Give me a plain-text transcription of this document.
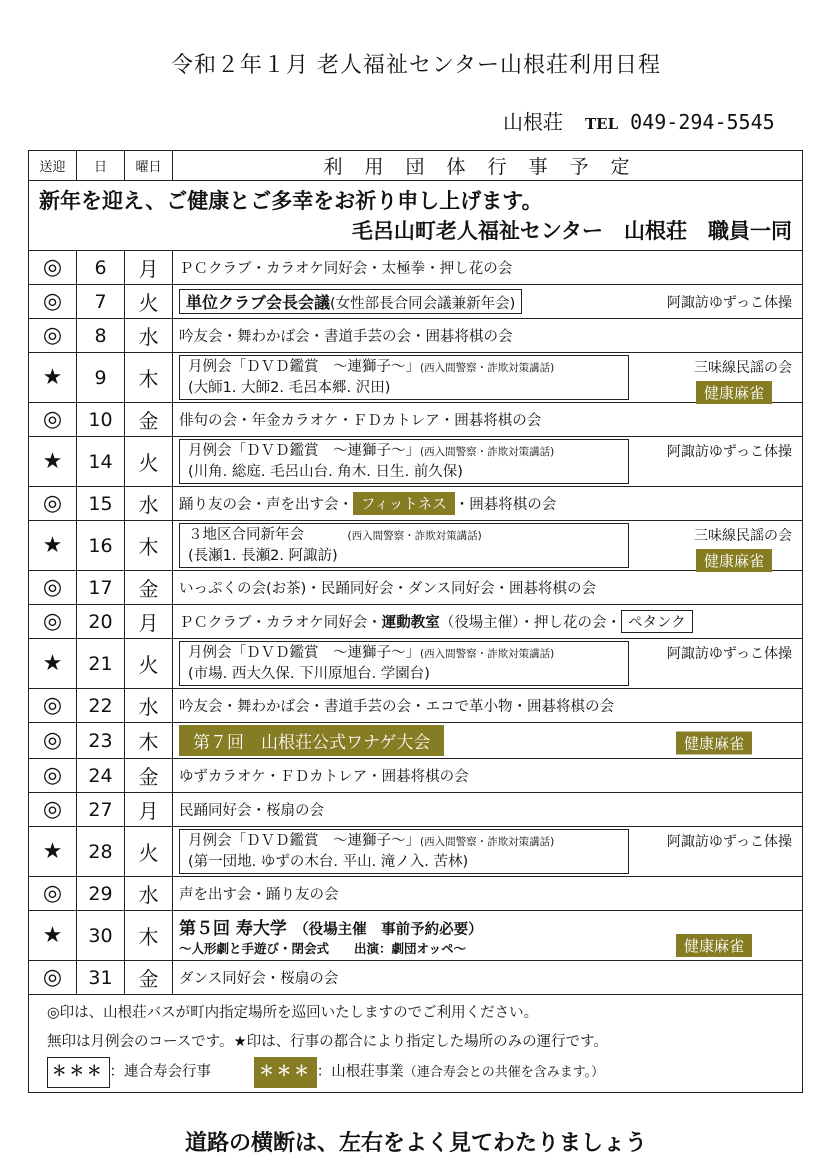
令和２年１月 老人福祉センター山根荘利用日程
山根荘 TEL 049-294-5545
送迎	日	曜日	利用団体行事予定

新年を迎え、ご健康とご多幸をお祈り申し上げます。
毛呂山町老人福祉センター　山根荘　職員一同			

◎	6	月	ＰＣクラブ・カラオケ同好会・太極拳・押し花の会
◎	7	火	単位クラブ会長会議(女性部長合同会議兼新年会) 阿諏訪ゆずっこ体操

◎	8	水	吟友会・舞わかば会・書道手芸の会・囲碁将棋の会
★	9	木	月例会「ＤＶＤ鑑賞　～連獅子～」(西入間警察・詐欺対策講話)
(大師1. 大師2. 毛呂本郷. 沢田)
三味線民謡の会
健康麻雀

◎	10	金	俳句の会・年金カラオケ・ＦＤカトレア・囲碁将棋の会
★	14	火	月例会「ＤＶＤ鑑賞　～連獅子～」(西入間警察・詐欺対策講話)
(川角. 総庭. 毛呂山台. 角木. 日生. 前久保)
阿諏訪ゆずっこ体操

◎	15	水	踊り友の会・声を出す会・ フィットネス ・囲碁将棋の会
★	16	木	３地区合同新年会　　　 (西入間警察・詐欺対策講話)
(長瀬1. 長瀬2. 阿諏訪)
三味線民謡の会
健康麻雀

◎	17	金	いっぷくの会(お茶)・民踊同好会・ダンス同好会・囲碁将棋の会
◎	20	月	ＰＣクラブ・カラオケ同好会・運動教室（役場主催）・押し花の会・ ペタンク
★	21	火	月例会「ＤＶＤ鑑賞　～連獅子～」(西入間警察・詐欺対策講話)
(市場. 西大久保. 下川原旭台. 学園台)
阿諏訪ゆずっこ体操

◎	22	水	吟友会・舞わかば会・書道手芸の会・エコで革小物・囲碁将棋の会
◎	23	木	第７回　山根荘公式ワナゲ大会 健康麻雀

◎	24	金	ゆずカラオケ・ＦＤカトレア・囲碁将棋の会
◎	27	月	民踊同好会・桜扇の会
★	28	火	月例会「ＤＶＤ鑑賞　～連獅子～」(西入間警察・詐欺対策講話)
(第一団地. ゆずの木台. 平山. 滝ノ入. 苦林)
阿諏訪ゆずっこ体操

◎	29	水	声を出す会・踊り友の会
★	30	木	第５回 寿大学　 （役場主催　事前予約必要）
～人形劇と手遊び・閉会式　　出演：劇団オッペ～ 健康麻雀

◎	31	金	ダンス同好会・桜扇の会

◎印は、山根荘バスが町内指定場所を巡回いたしますのでご利用ください。
無印は月例会のコースです。★印は、行事の都合により指定した場所のみの運行です。
＊＊＊ ：連合寿会行事 ＊＊＊ ：山根荘事業（連合寿会との共催を含みます。）			
道路の横断は、左右をよく見てわたりましょう
